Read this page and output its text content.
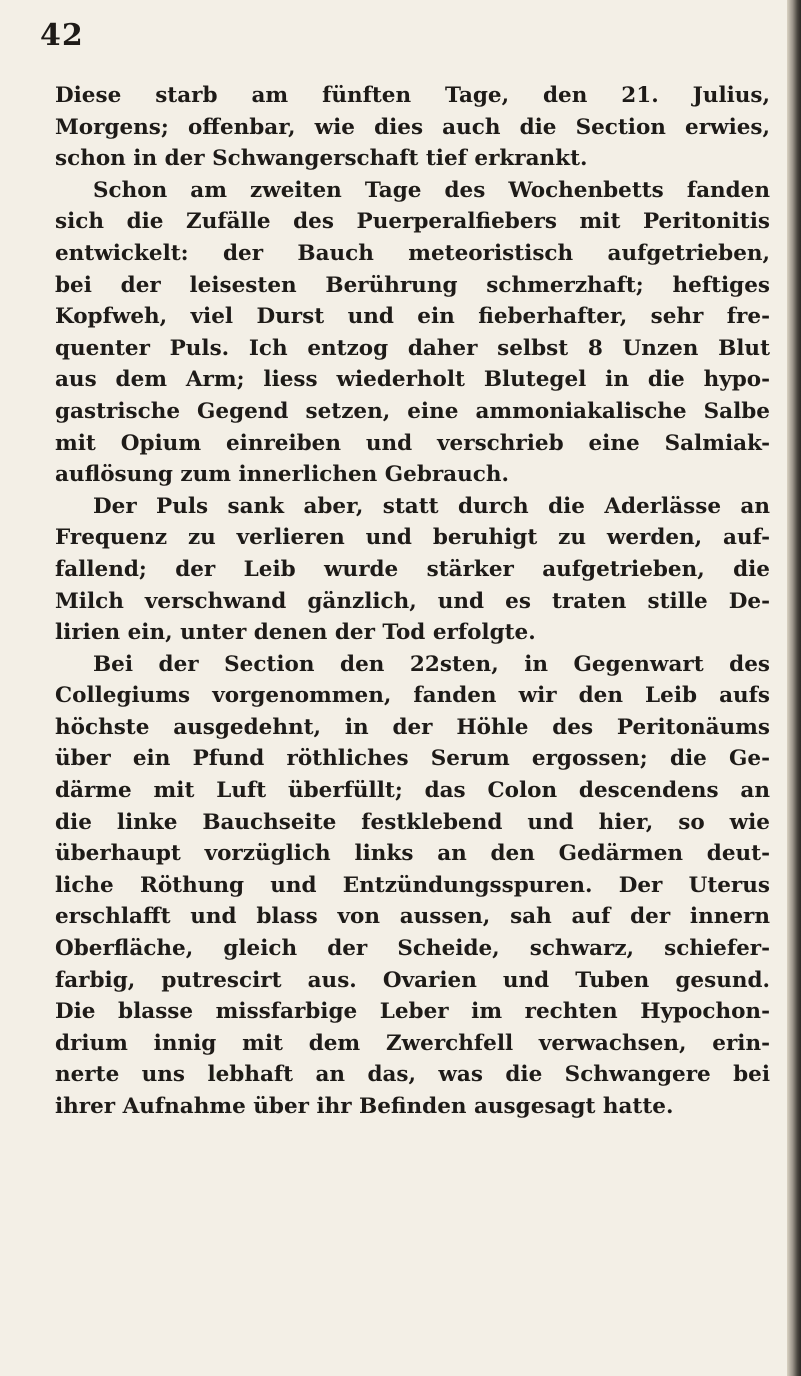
42
Diese starb am fünften Tage, den 21. Julius,
Morgens; offenbar, wie dies auch die Section erwies,
schon in der Schwangerschaft tief erkrankt.
Schon am zweiten Tage des Wochenbetts fanden
sich die Zufälle des Puerperalfiebers mit Peritonitis
entwickelt: der Bauch meteoristisch aufgetrieben,
bei der leisesten Berührung schmerzhaft; heftiges
Kopfweh, viel Durst und ein fieberhafter, sehr fre-
quenter Puls. Ich entzog daher selbst 8 Unzen Blut
aus dem Arm; liess wiederholt Blutegel in die hypo-
gastrische Gegend setzen, eine ammoniakalische Salbe
mit Opium einreiben und verschrieb eine Salmiak-
auflösung zum innerlichen Gebrauch.
Der Puls sank aber, statt durch die Aderlässe an
Frequenz zu verlieren und beruhigt zu werden, auf-
fallend; der Leib wurde stärker aufgetrieben, die
Milch verschwand gänzlich, und es traten stille De-
lirien ein, unter denen der Tod erfolgte.
Bei der Section den 22sten, in Gegenwart des
Collegiums vorgenommen, fanden wir den Leib aufs
höchste ausgedehnt, in der Höhle des Peritonäums
über ein Pfund röthliches Serum ergossen; die Ge-
därme mit Luft überfüllt; das Colon descendens an
die linke Bauchseite festklebend und hier, so wie
überhaupt vorzüglich links an den Gedärmen deut-
liche Röthung und Entzündungsspuren. Der Uterus
erschlafft und blass von aussen, sah auf der innern
Oberfläche, gleich der Scheide, schwarz, schiefer-
farbig, putrescirt aus. Ovarien und Tuben gesund.
Die blasse missfarbige Leber im rechten Hypochon-
drium innig mit dem Zwerchfell verwachsen, erin-
nerte uns lebhaft an das, was die Schwangere bei
ihrer Aufnahme über ihr Befinden ausgesagt hatte.
